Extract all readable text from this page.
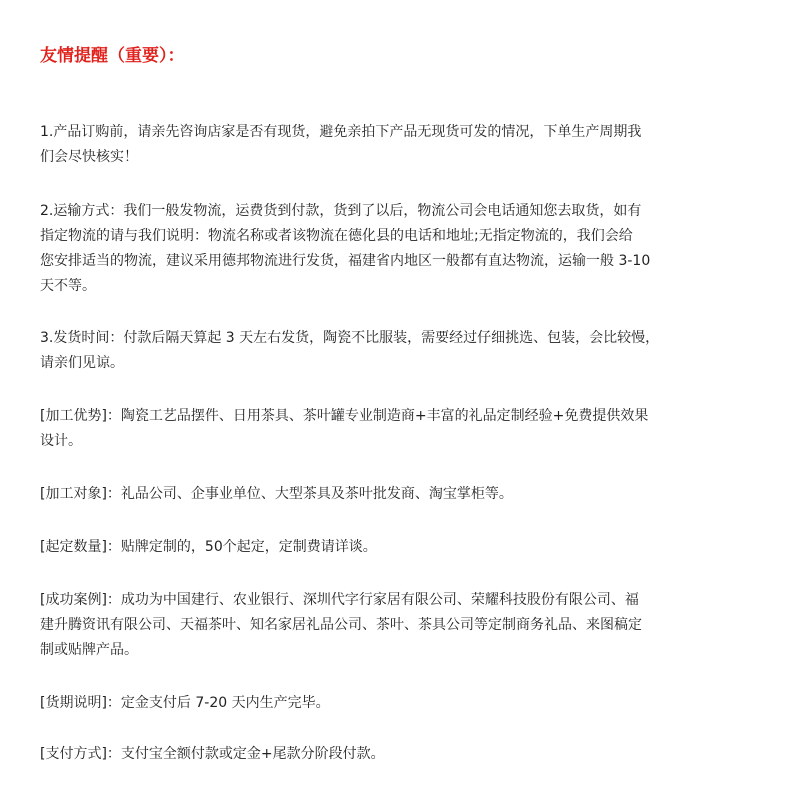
友情提醒（重要）：

1.产品订购前，请亲先咨询店家是否有现货，避免亲拍下产品无现货可发的情况，下单生产周期我
们会尽快核实！

2.运输方式：我们一般发物流，运费货到付款，货到了以后，物流公司会电话通知您去取货，如有
指定物流的请与我们说明：物流名称或者该物流在德化县的电话和地址;无指定物流的，我们会给
您安排适当的物流，建议采用德邦物流进行发货，福建省内地区一般都有直达物流，运输一般 3-10
天不等。

3.发货时间：付款后隔天算起 3 天左右发货，陶瓷不比服装，需要经过仔细挑选、包装，会比较慢，
请亲们见谅。

[加工优势]：陶瓷工艺品摆件、日用茶具、茶叶罐专业制造商+丰富的礼品定制经验+免费提供效果
设计。

[加工对象]：礼品公司、企事业单位、大型茶具及茶叶批发商、淘宝掌柜等。

[起定数量]：贴牌定制的，50个起定，定制费请详谈。

[成功案例]：成功为中国建行、农业银行、深圳代字行家居有限公司、荣耀科技股份有限公司、福
建升腾资讯有限公司、天福茶叶、知名家居礼品公司、茶叶、茶具公司等定制商务礼品、来图稿定
制或贴牌产品。

[货期说明]：定金支付后 7-20 天内生产完毕。

[支付方式]：支付宝全额付款或定金+尾款分阶段付款。
